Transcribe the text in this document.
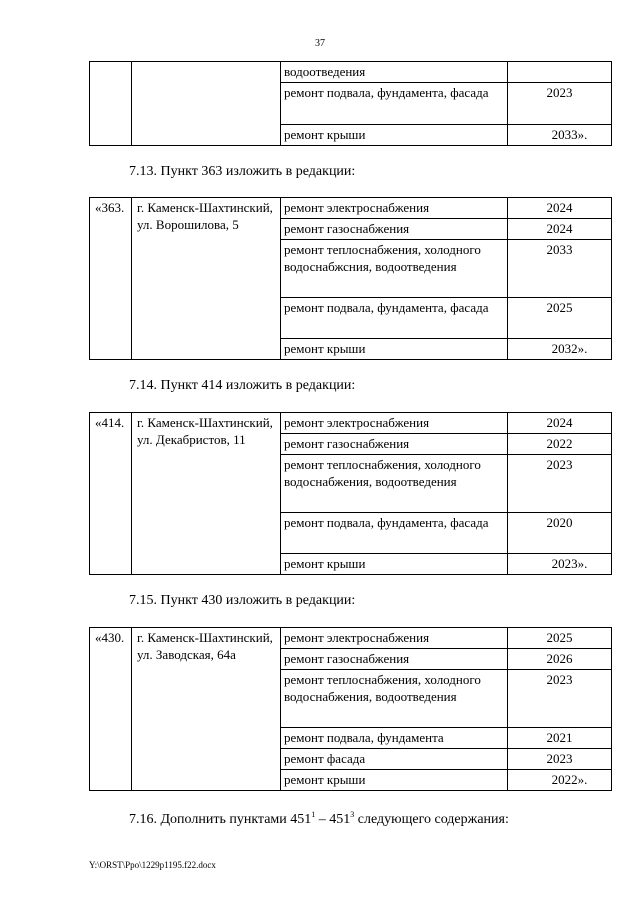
37
		водоотведения	
		ремонт подвала, фундамента, фасада	2023
		ремонт крыши	2033».
7.13. Пункт 363 изложить в редакции:
«363.	г. Каменск-Шахтинский, ул. Ворошилова, 5	ремонт электроснабжения	2024
		ремонт газоснабжения	2024
		ремонт теплоснабжения, холодного водоснабжсния, водоотведения	2033
		ремонт подвала, фундамента, фасада	2025
		ремонт крыши	2032».
7.14. Пункт 414 изложить в редакции:
«414.	г. Каменск-Шахтинский, ул. Декабристов, 11	ремонт электроснабжения	2024
		ремонт газоснабжения	2022
		ремонт теплоснабжения, холодного водоснабжения, водоотведения	2023
		ремонт подвала, фундамента, фасада	2020
		ремонт крыши	2023».
7.15. Пункт 430 изложить в редакции:
«430.	г. Каменск-Шахтинский, ул. Заводская, 64а	ремонт электроснабжения	2025
		ремонт газоснабжения	2026
		ремонт теплоснабжения, холодного водоснабжения, водоотведения	2023
		ремонт подвала, фундамента	2021
		ремонт фасада	2023
		ремонт крыши	2022».
7.16. Дополнить пунктами $451^1 - 451^3$ следующего содержания:
Y:\ORST\Ppo\1229p1195.f22.docx
